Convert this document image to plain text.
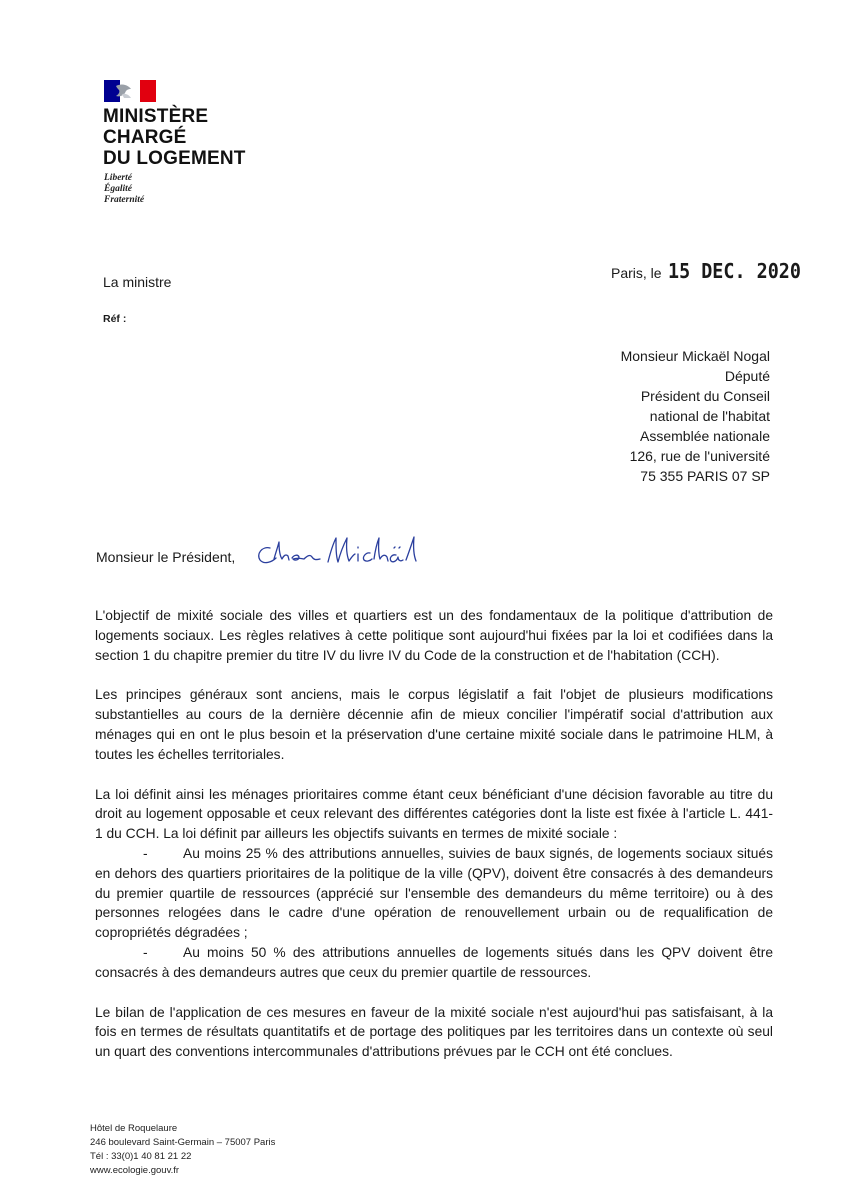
MINISTÈRE
CHARGÉ
DU LOGEMENT
Liberté
Égalité
Fraternité
La ministre
Réf :
Paris, le 15 DEC. 2020
Monsieur Mickaël Nogal
Député
Président du Conseil
national de l'habitat
Assemblée nationale
126, rue de l'université
75 355 PARIS 07 SP
Monsieur le Président,

L'objectif de mixité sociale des villes et quartiers est un des fondamentaux de la politique d'attribution de logements sociaux. Les règles relatives à cette politique sont aujourd'hui fixées par la loi et codifiées dans la section 1 du chapitre premier du titre IV du livre IV du Code de la construction et de l'habitation (CCH).

Les principes généraux sont anciens, mais le corpus législatif a fait l'objet de plusieurs modifications substantielles au cours de la dernière décennie afin de mieux concilier l'impératif social d'attribution aux ménages qui en ont le plus besoin et la préservation d'une certaine mixité sociale dans le patrimoine HLM, à toutes les échelles territoriales.

La loi définit ainsi les ménages prioritaires comme étant ceux bénéficiant d'une décision favorable au titre du droit au logement opposable et ceux relevant des différentes catégories dont la liste est fixée à l'article L. 441-1 du CCH. La loi définit par ailleurs les objectifs suivants en termes de mixité sociale :

-	Au moins 25 % des attributions annuelles, suivies de baux signés, de logements sociaux situés en dehors des quartiers prioritaires de la politique de la ville (QPV), doivent être consacrés à des demandeurs du premier quartile de ressources (apprécié sur l'ensemble des demandeurs du même territoire) ou à des personnes relogées dans le cadre d'une opération de renouvellement urbain ou de requalification de copropriétés dégradées ;

-	Au moins 50 % des attributions annuelles de logements situés dans les QPV doivent être consacrés à des demandeurs autres que ceux du premier quartile de ressources.

Le bilan de l'application de ces mesures en faveur de la mixité sociale n'est aujourd'hui pas satisfaisant, à la fois en termes de résultats quantitatifs et de portage des politiques par les territoires dans un contexte où seul un quart des conventions intercommunales d'attributions prévues par le CCH ont été conclues.

Hôtel de Roquelaure
246 boulevard Saint-Germain – 75007 Paris
Tél : 33(0)1 40 81 21 22
www.ecologie.gouv.fr
